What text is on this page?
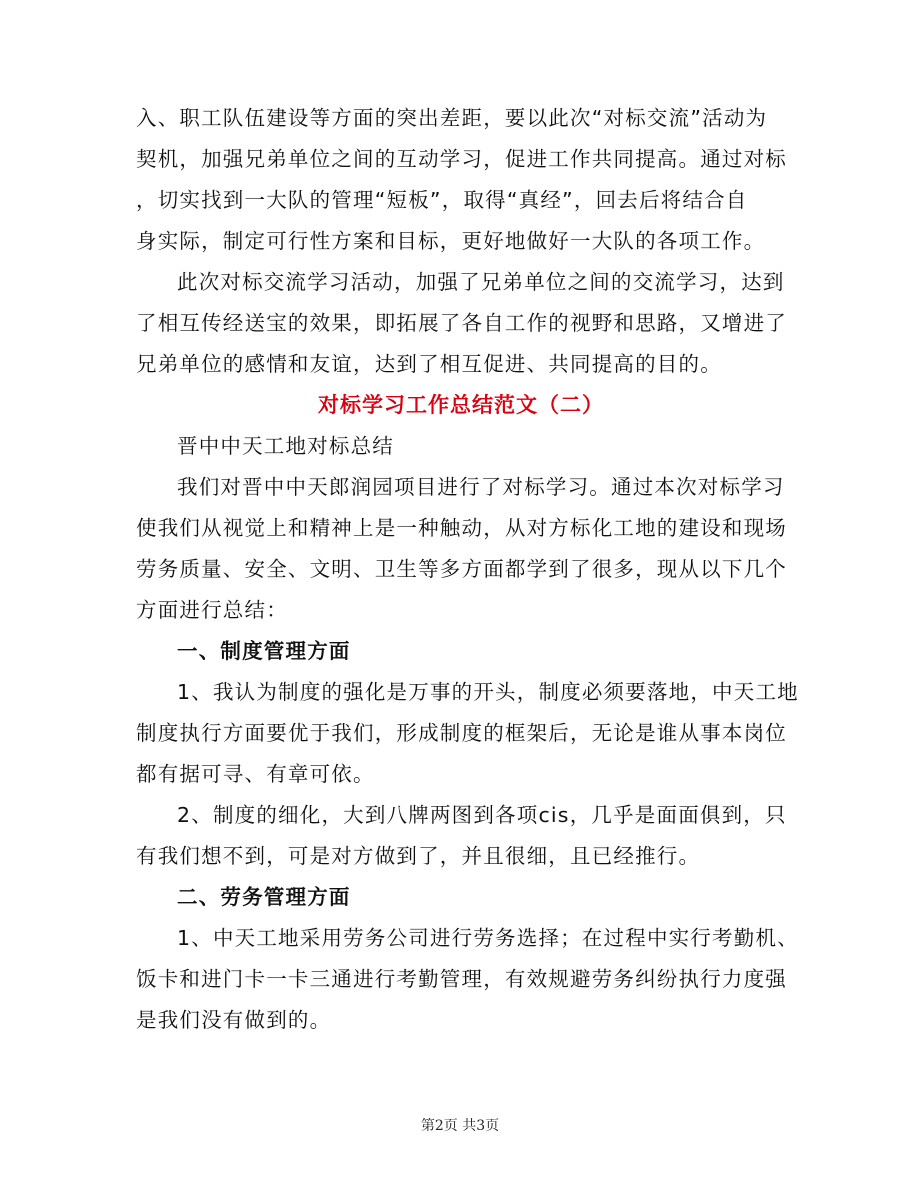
入、职工队伍建设等方面的突出差距，要以此次“对标交流”活动为
契机，加强兄弟单位之间的互动学习，促进工作共同提高。通过对标
，切实找到一大队的管理“短板”，取得“真经”，回去后将结合自
身实际，制定可行性方案和目标，更好地做好一大队的各项工作。
此次对标交流学习活动，加强了兄弟单位之间的交流学习，达到
了相互传经送宝的效果，即拓展了各自工作的视野和思路，又增进了
兄弟单位的感情和友谊，达到了相互促进、共同提高的目的。
对标学习工作总结范文（二）
晋中中天工地对标总结
我们对晋中中天郎润园项目进行了对标学习。通过本次对标学习
使我们从视觉上和精神上是一种触动，从对方标化工地的建设和现场
劳务质量、安全、文明、卫生等多方面都学到了很多，现从以下几个
方面进行总结：
一、制度管理方面
1、我认为制度的强化是万事的开头，制度必须要落地，中天工地
制度执行方面要优于我们，形成制度的框架后，无论是谁从事本岗位
都有据可寻、有章可依。
2、制度的细化，大到八牌两图到各项cis，几乎是面面俱到，只
有我们想不到，可是对方做到了，并且很细，且已经推行。
二、劳务管理方面
1、中天工地采用劳务公司进行劳务选择；在过程中实行考勤机、
饭卡和进门卡一卡三通进行考勤管理，有效规避劳务纠纷执行力度强
是我们没有做到的。
第2页 共3页
